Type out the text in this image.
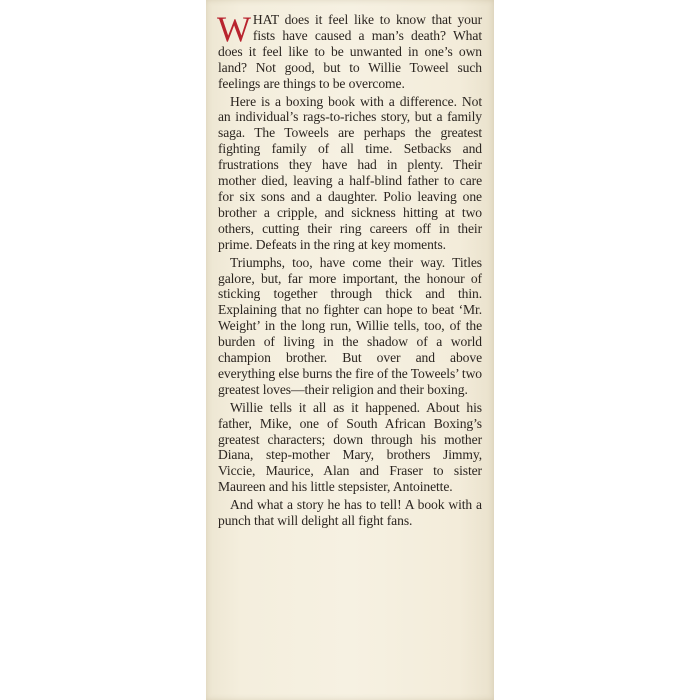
WHAT does it feel like to know that your fists have caused a man’s death? What does it feel like to be unwanted in one’s own land? Not good, but to Willie Toweel such feelings are things to be overcome.

Here is a boxing book with a difference. Not an individual’s rags-to-riches story, but a family saga. The Toweels are perhaps the greatest fighting family of all time. Setbacks and frustrations they have had in plenty. Their mother died, leaving a half-blind father to care for six sons and a daughter. Polio leaving one brother a cripple, and sickness hitting at two others, cutting their ring careers off in their prime. Defeats in the ring at key moments.

Triumphs, too, have come their way. Titles galore, but, far more important, the honour of sticking together through thick and thin. Explaining that no fighter can hope to beat ‘Mr. Weight’ in the long run, Willie tells, too, of the burden of living in the shadow of a world champion brother. But over and above everything else burns the fire of the Toweels’ two greatest loves—their religion and their boxing.

Willie tells it all as it happened. About his father, Mike, one of South African Boxing’s greatest characters; down through his mother Diana, step-mother Mary, brothers Jimmy, Viccie, Maurice, Alan and Fraser to sister Maureen and his little stepsister, Antoinette.

And what a story he has to tell! A book with a punch that will delight all fight fans.
